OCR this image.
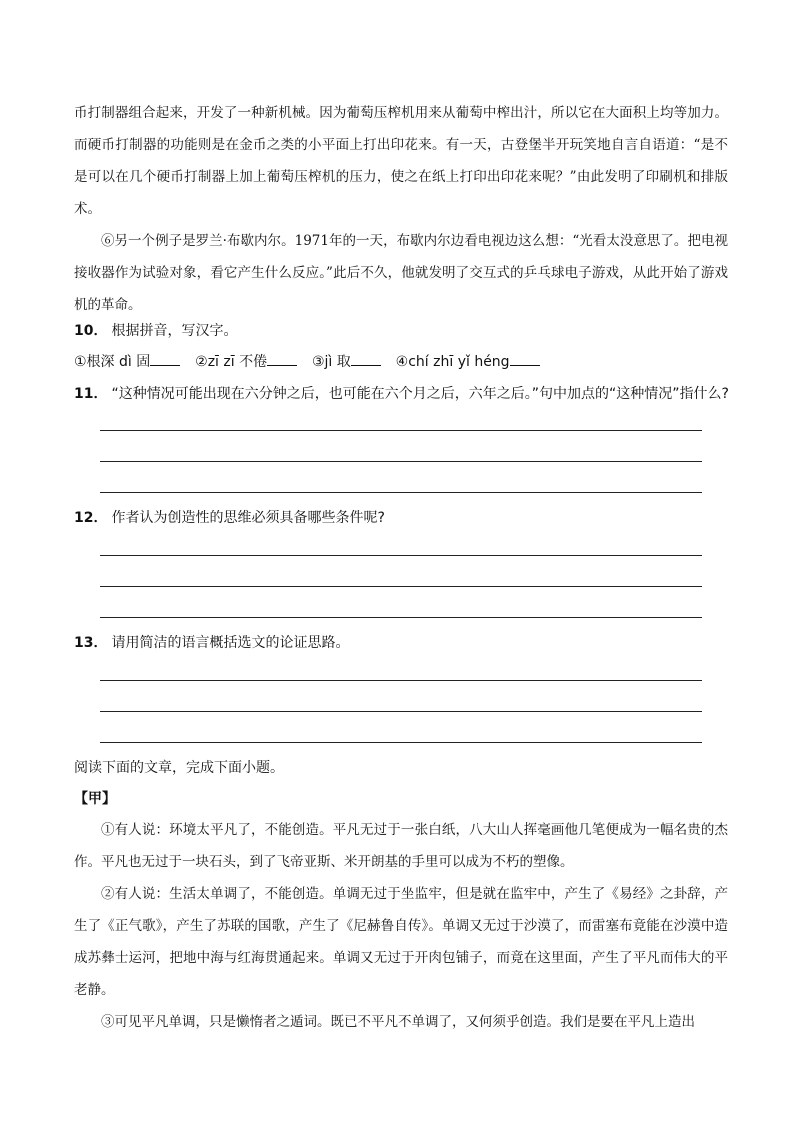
币打制器组合起来，开发了一种新机械。因为葡萄压榨机用来从葡萄中榨出汁，所以它在大面积上均等加力。而硬币打制器的功能则是在金币之类的小平面上打出印花来。有一天，古登堡半开玩笑地自言自语道：“是不是可以在几个硬币打制器上加上葡萄压榨机的压力，使之在纸上打印出印花来呢？”由此发明了印刷机和排版术。

⑥另一个例子是罗兰·布歇内尔。1971年的一天，布歇内尔边看电视边这么想：“光看太没意思了。把电视接收器作为试验对象，看它产生什么反应。”此后不久，他就发明了交互式的乒乓球电子游戏，从此开始了游戏机的革命。

10． 根据拼音，写汉字。
①根深 dì 固	②zī zī 不倦	③jì 取	④chí zhī yǐ héng
11． “这种情况可能出现在六分钟之后，也可能在六个月之后，六年之后。”句中加点的“这种情况”指什么?
12． 作者认为创造性的思维必须具备哪些条件呢?
13． 请用简洁的语言概括选文的论证思路。
阅读下面的文章，完成下面小题。
【甲】

①有人说：环境太平凡了，不能创造。平凡无过于一张白纸，八大山人挥毫画他几笔便成为一幅名贵的杰作。平凡也无过于一块石头，到了飞帝亚斯、米开朗基的手里可以成为不朽的塑像。

②有人说：生活太单调了，不能创造。单调无过于坐监牢，但是就在监牢中，产生了《易经》之卦辞，产生了《正气歌》，产生了苏联的国歌，产生了《尼赫鲁自传》。单调又无过于沙漠了，而雷塞布竟能在沙漠中造成苏彝士运河，把地中海与红海贯通起来。单调又无过于开肉包铺子，而竟在这里面，产生了平凡而伟大的平老静。

③可见平凡单调，只是懒惰者之遁词。既已不平凡不单调了，又何须乎创造。我们是要在平凡上造出
